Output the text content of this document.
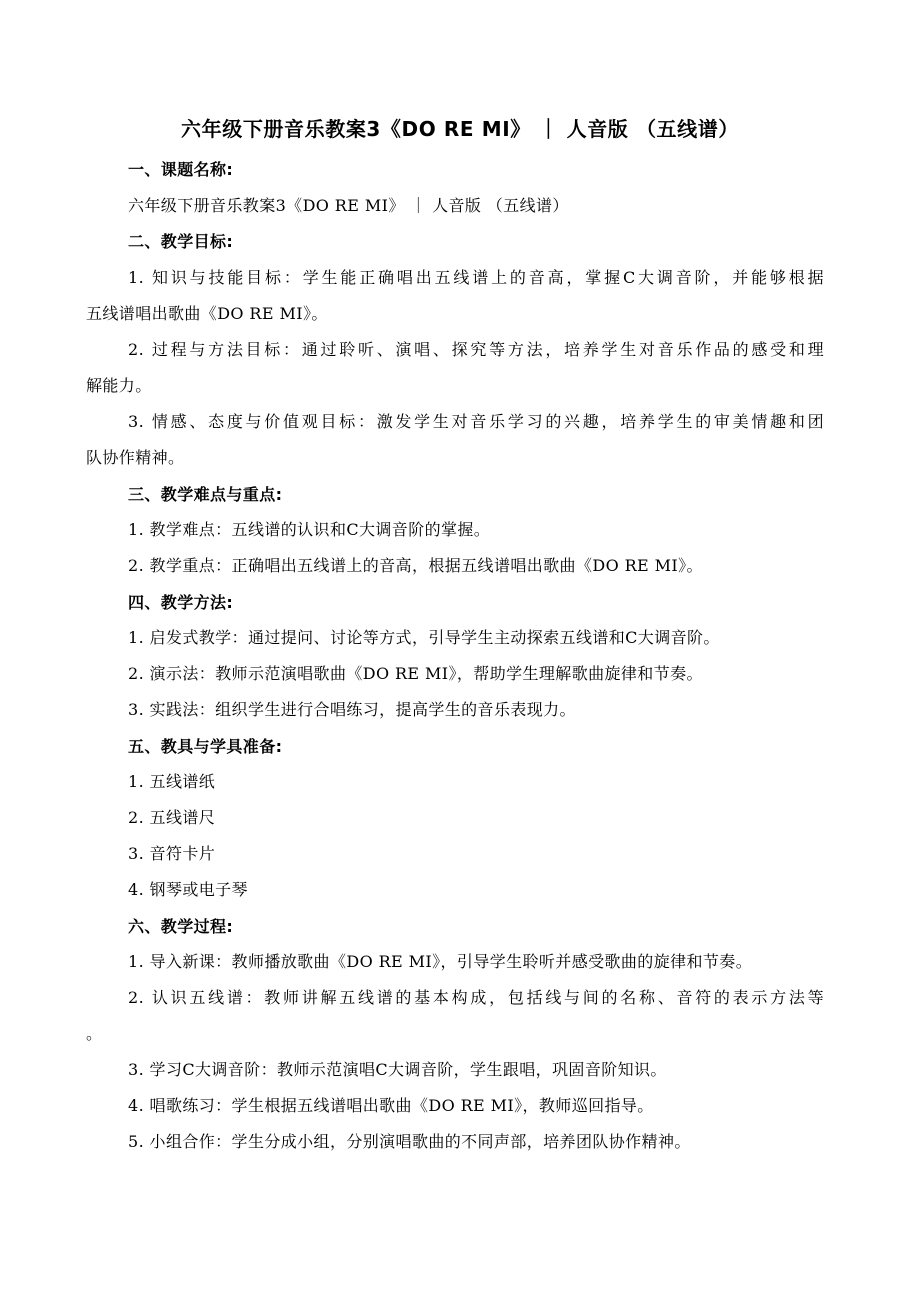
六年级下册音乐教案3《DO RE MI》 ｜ 人音版 （五线谱）
一、课题名称:
六年级下册音乐教案3《DO RE MI》 ｜ 人音版 （五线谱）
二、教学目标:
1. 知识与技能目标：学生能正确唱出五线谱上的音高，掌握C大调音阶，并能够根据
五线谱唱出歌曲《DO RE MI》。
2. 过程与方法目标：通过聆听、演唱、探究等方法，培养学生对音乐作品的感受和理
解能力。
3. 情感、态度与价值观目标：激发学生对音乐学习的兴趣，培养学生的审美情趣和团
队协作精神。
三、教学难点与重点:
1. 教学难点：五线谱的认识和C大调音阶的掌握。
2. 教学重点：正确唱出五线谱上的音高，根据五线谱唱出歌曲《DO RE MI》。
四、教学方法:
1. 启发式教学：通过提问、讨论等方式，引导学生主动探索五线谱和C大调音阶。
2. 演示法：教师示范演唱歌曲《DO RE MI》，帮助学生理解歌曲旋律和节奏。
3. 实践法：组织学生进行合唱练习，提高学生的音乐表现力。
五、教具与学具准备:
1. 五线谱纸
2. 五线谱尺
3. 音符卡片
4. 钢琴或电子琴
六、教学过程:
1. 导入新课：教师播放歌曲《DO RE MI》，引导学生聆听并感受歌曲的旋律和节奏。
2. 认识五线谱：教师讲解五线谱的基本构成，包括线与间的名称、音符的表示方法等
。
3. 学习C大调音阶：教师示范演唱C大调音阶，学生跟唱，巩固音阶知识。
4. 唱歌练习：学生根据五线谱唱出歌曲《DO RE MI》，教师巡回指导。
5. 小组合作：学生分成小组，分别演唱歌曲的不同声部，培养团队协作精神。
